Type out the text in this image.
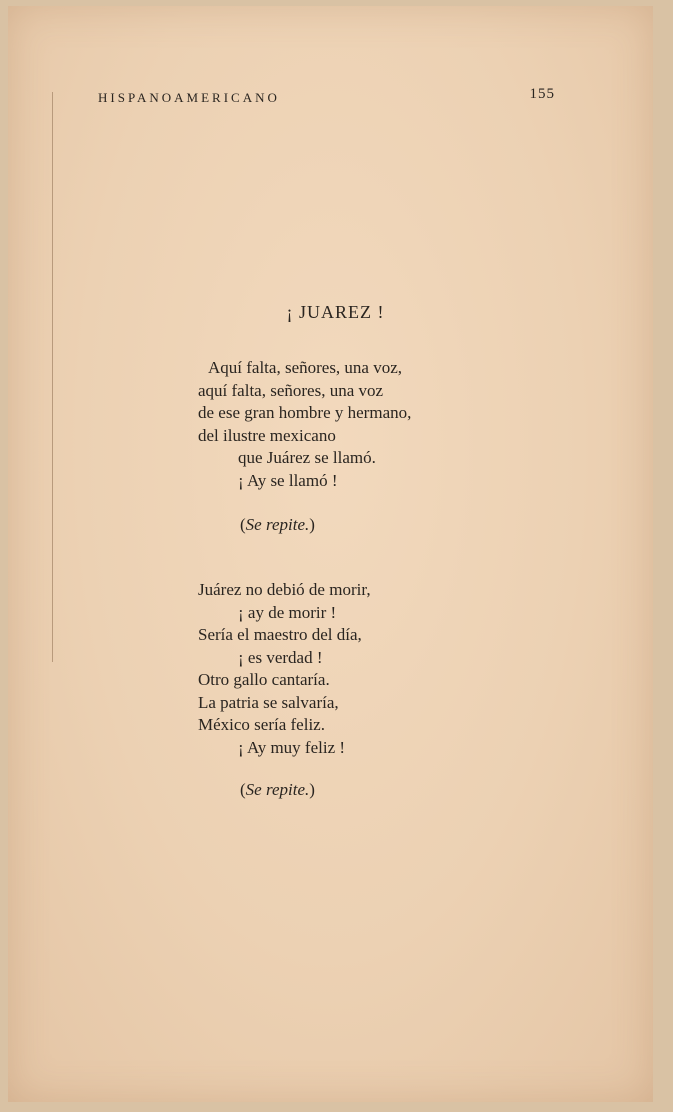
HISPANOAMERICANO	155
¡ JUAREZ !
Aquí falta, señores, una voz,
aquí falta, señores, una voz
de ese gran hombre y hermano,
del ilustre mexicano
que Juárez se llamó.
¡ Ay se llamó !
(Se repite.)
Juárez no debió de morir,
¡ ay de morir !
Sería el maestro del día,
¡ es verdad !
Otro gallo cantaría.
La patria se salvaría,
México sería feliz.
¡ Ay muy feliz !
(Se repite.)
